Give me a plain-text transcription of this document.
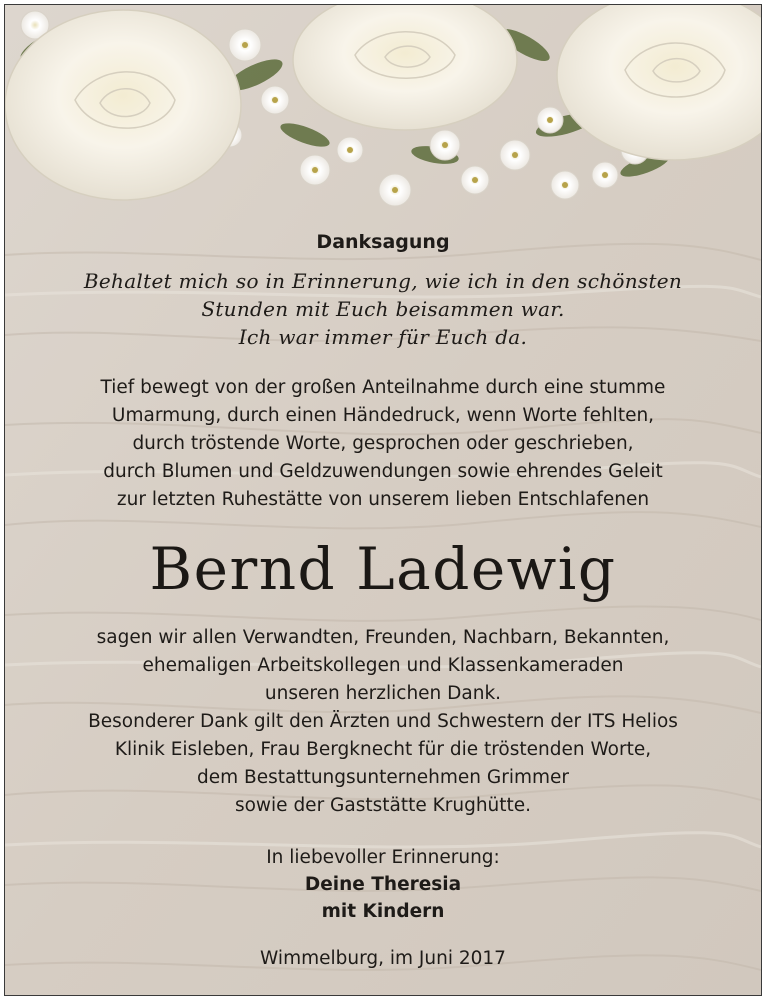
Danksagung
Behaltet mich so in Erinnerung, wie ich in den schönsten
Stunden mit Euch beisammen war.
Ich war immer für Euch da.
Tief bewegt von der großen Anteilnahme durch eine stumme
Umarmung, durch einen Händedruck, wenn Worte fehlten,
durch tröstende Worte, gesprochen oder geschrieben,
durch Blumen und Geldzuwendungen sowie ehrendes Geleit
zur letzten Ruhestätte von unserem lieben Entschlafenen
Bernd Ladewig
sagen wir allen Verwandten, Freunden, Nachbarn, Bekannten,
ehemaligen Arbeitskollegen und Klassenkameraden
unseren herzlichen Dank.
Besonderer Dank gilt den Ärzten und Schwestern der ITS Helios
Klinik Eisleben, Frau Bergknecht für die tröstenden Worte,
dem Bestattungsunternehmen Grimmer
sowie der Gaststätte Krughütte.
In liebevoller Erinnerung:
Deine Theresia
mit Kindern
Wimmelburg, im Juni 2017
